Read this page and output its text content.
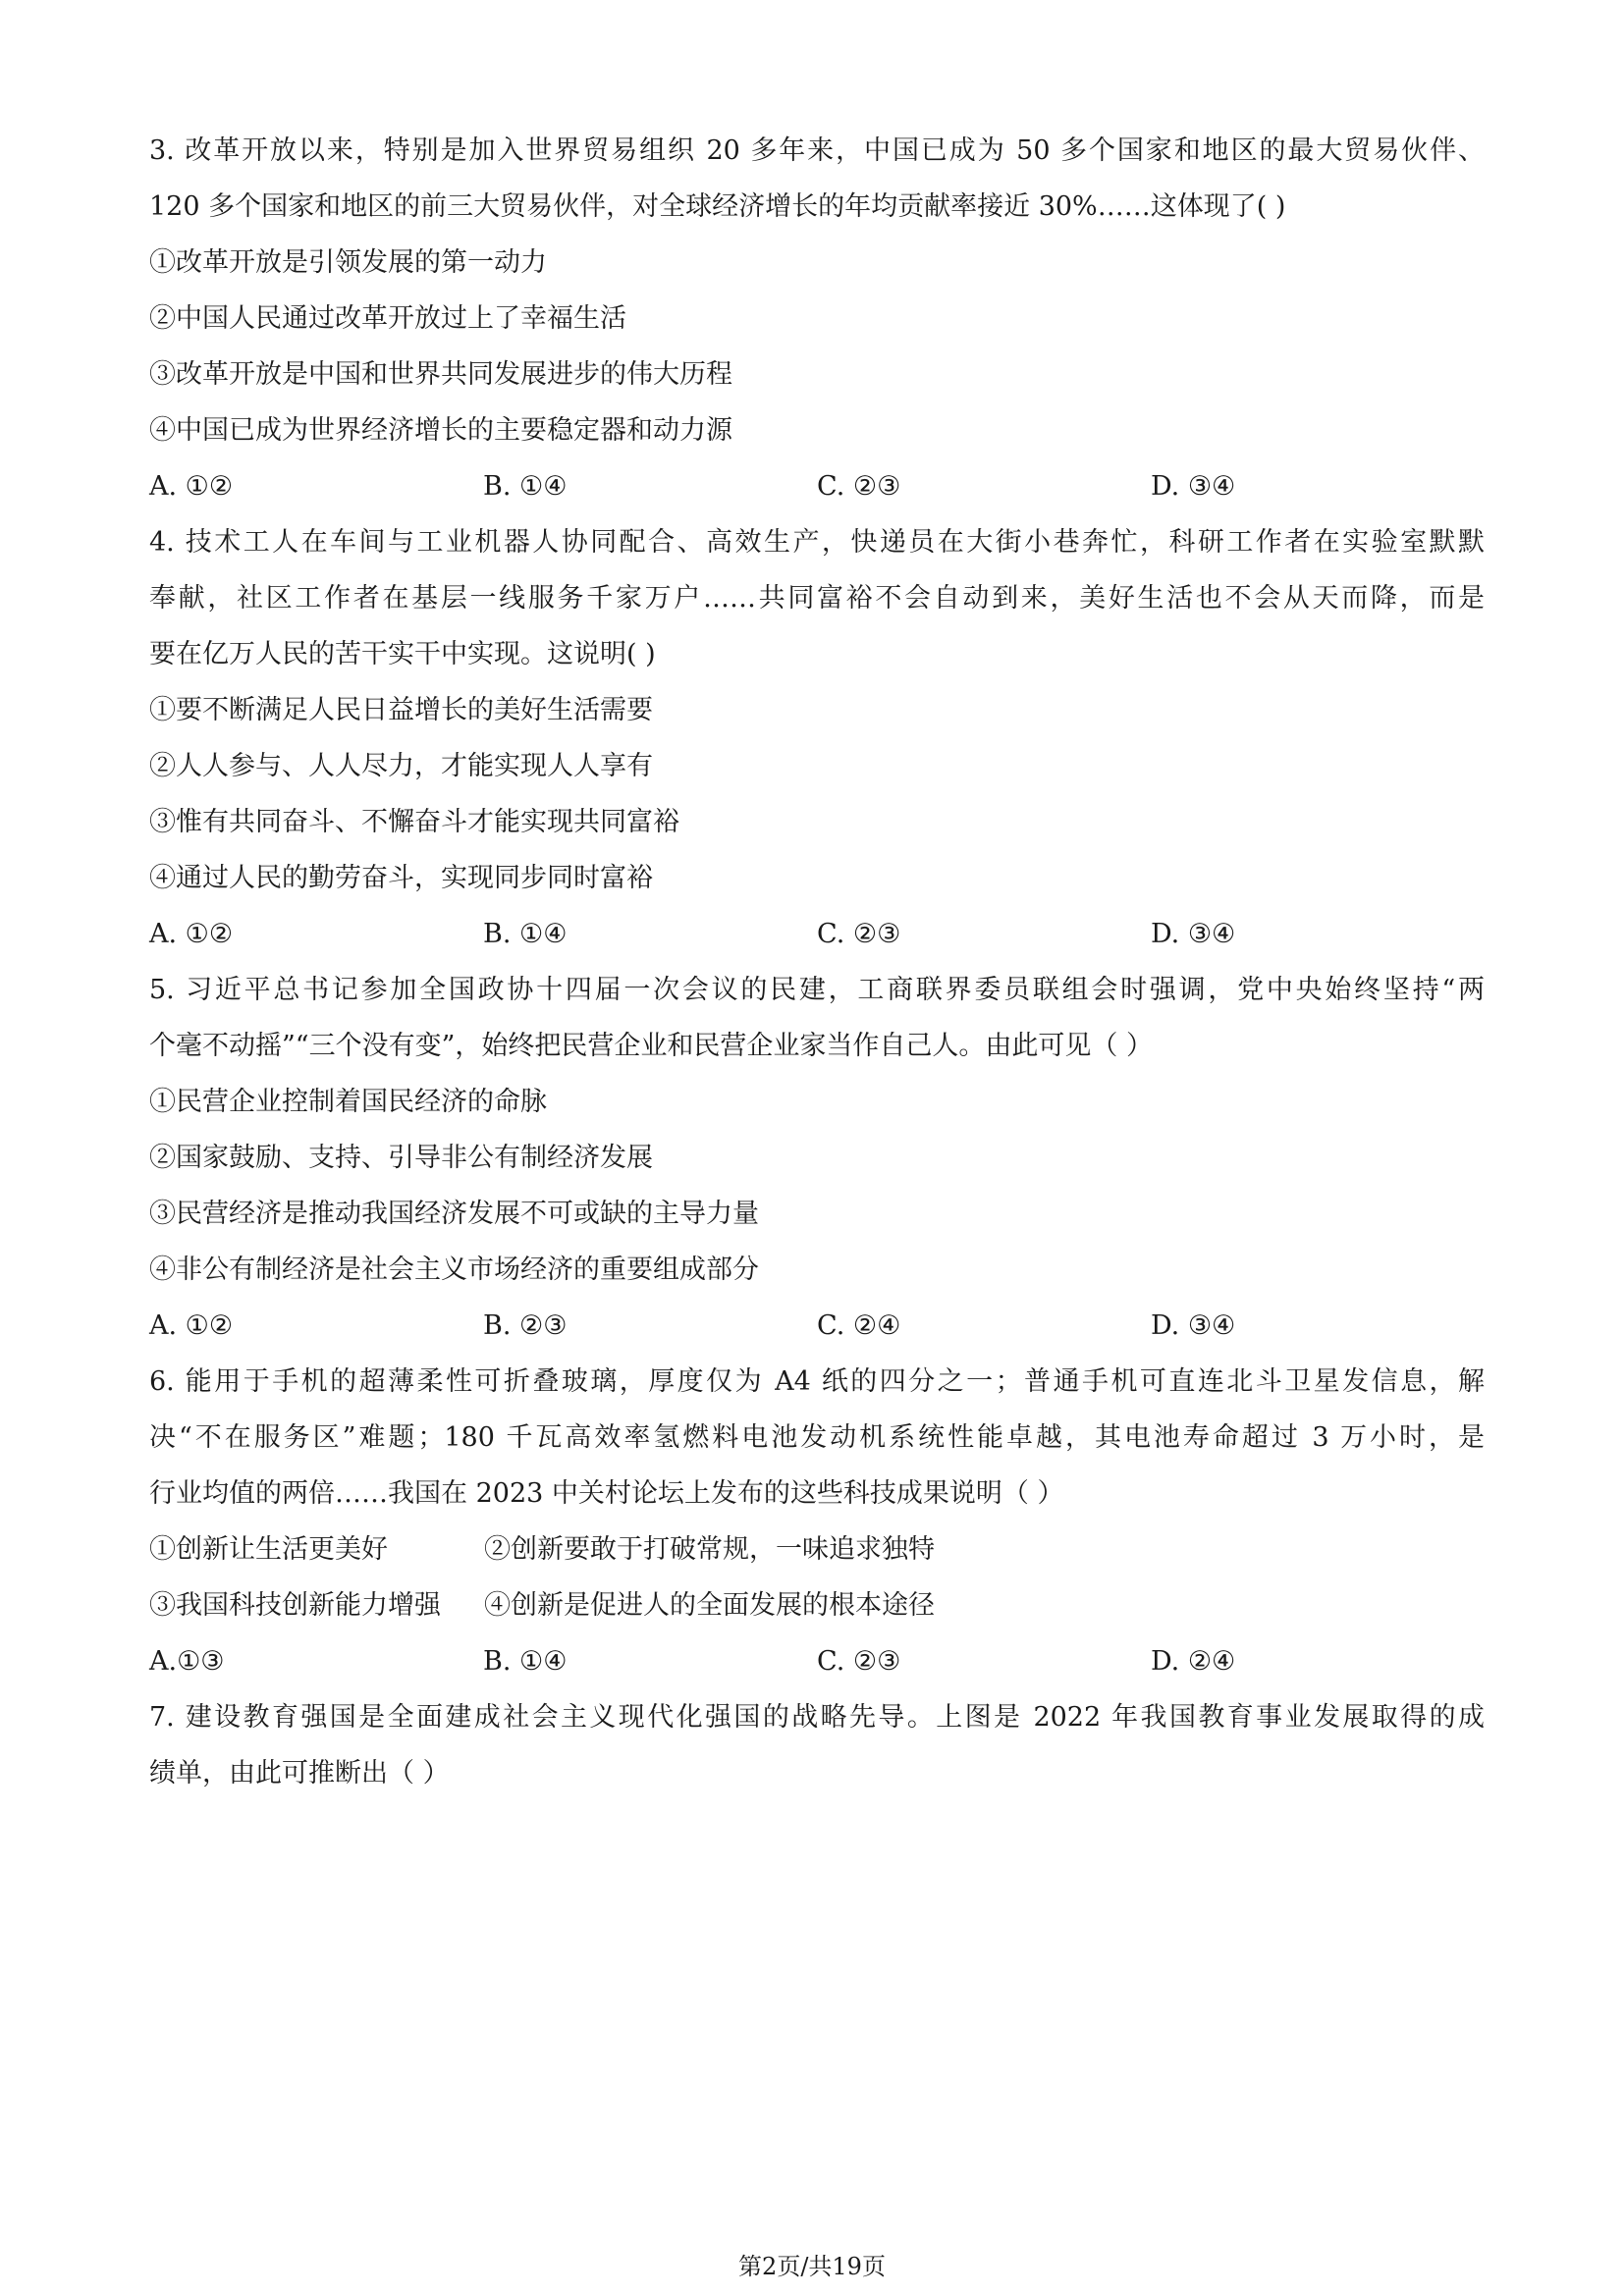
3. 改革开放以来，特别是加入世界贸易组织 20 多年来，中国已成为 50 多个国家和地区的最大贸易伙伴、
120 多个国家和地区的前三大贸易伙伴，对全球经济增长的年均贡献率接近 30%……这体现了( )
①改革开放是引领发展的第一动力
②中国人民通过改革开放过上了幸福生活
③改革开放是中国和世界共同发展进步的伟大历程
④中国已成为世界经济增长的主要稳定器和动力源
A. ①②	B. ①④	C. ②③	D. ③④
4. 技术工人在车间与工业机器人协同配合、高效生产，快递员在大街小巷奔忙，科研工作者在实验室默默
奉献，社区工作者在基层一线服务千家万户……共同富裕不会自动到来，美好生活也不会从天而降，而是
要在亿万人民的苦干实干中实现。这说明( )
①要不断满足人民日益增长的美好生活需要
②人人参与、人人尽力，才能实现人人享有
③惟有共同奋斗、不懈奋斗才能实现共同富裕
④通过人民的勤劳奋斗，实现同步同时富裕
A. ①②	B. ①④	C. ②③	D. ③④
5. 习近平总书记参加全国政协十四届一次会议的民建，工商联界委员联组会时强调，党中央始终坚持“两
个毫不动摇”“三个没有变”，始终把民营企业和民营企业家当作自己人。由此可见（ ）
①民营企业控制着国民经济的命脉
②国家鼓励、支持、引导非公有制经济发展
③民营经济是推动我国经济发展不可或缺的主导力量
④非公有制经济是社会主义市场经济的重要组成部分
A. ①②	B. ②③	C. ②④	D. ③④
6. 能用于手机的超薄柔性可折叠玻璃，厚度仅为 A4 纸的四分之一；普通手机可直连北斗卫星发信息，解
决“不在服务区”难题；180 千瓦高效率氢燃料电池发动机系统性能卓越，其电池寿命超过 3 万小时，是
行业均值的两倍……我国在 2023 中关村论坛上发布的这些科技成果说明（ ）
①创新让生活更美好	②创新要敢于打破常规，一味追求独特
③我国科技创新能力增强	④创新是促进人的全面发展的根本途径
A.①③	B. ①④	C. ②③	D. ②④
7. 建设教育强国是全面建成社会主义现代化强国的战略先导。上图是 2022 年我国教育事业发展取得的成
绩单，由此可推断出（ ）
第2页/共19页
